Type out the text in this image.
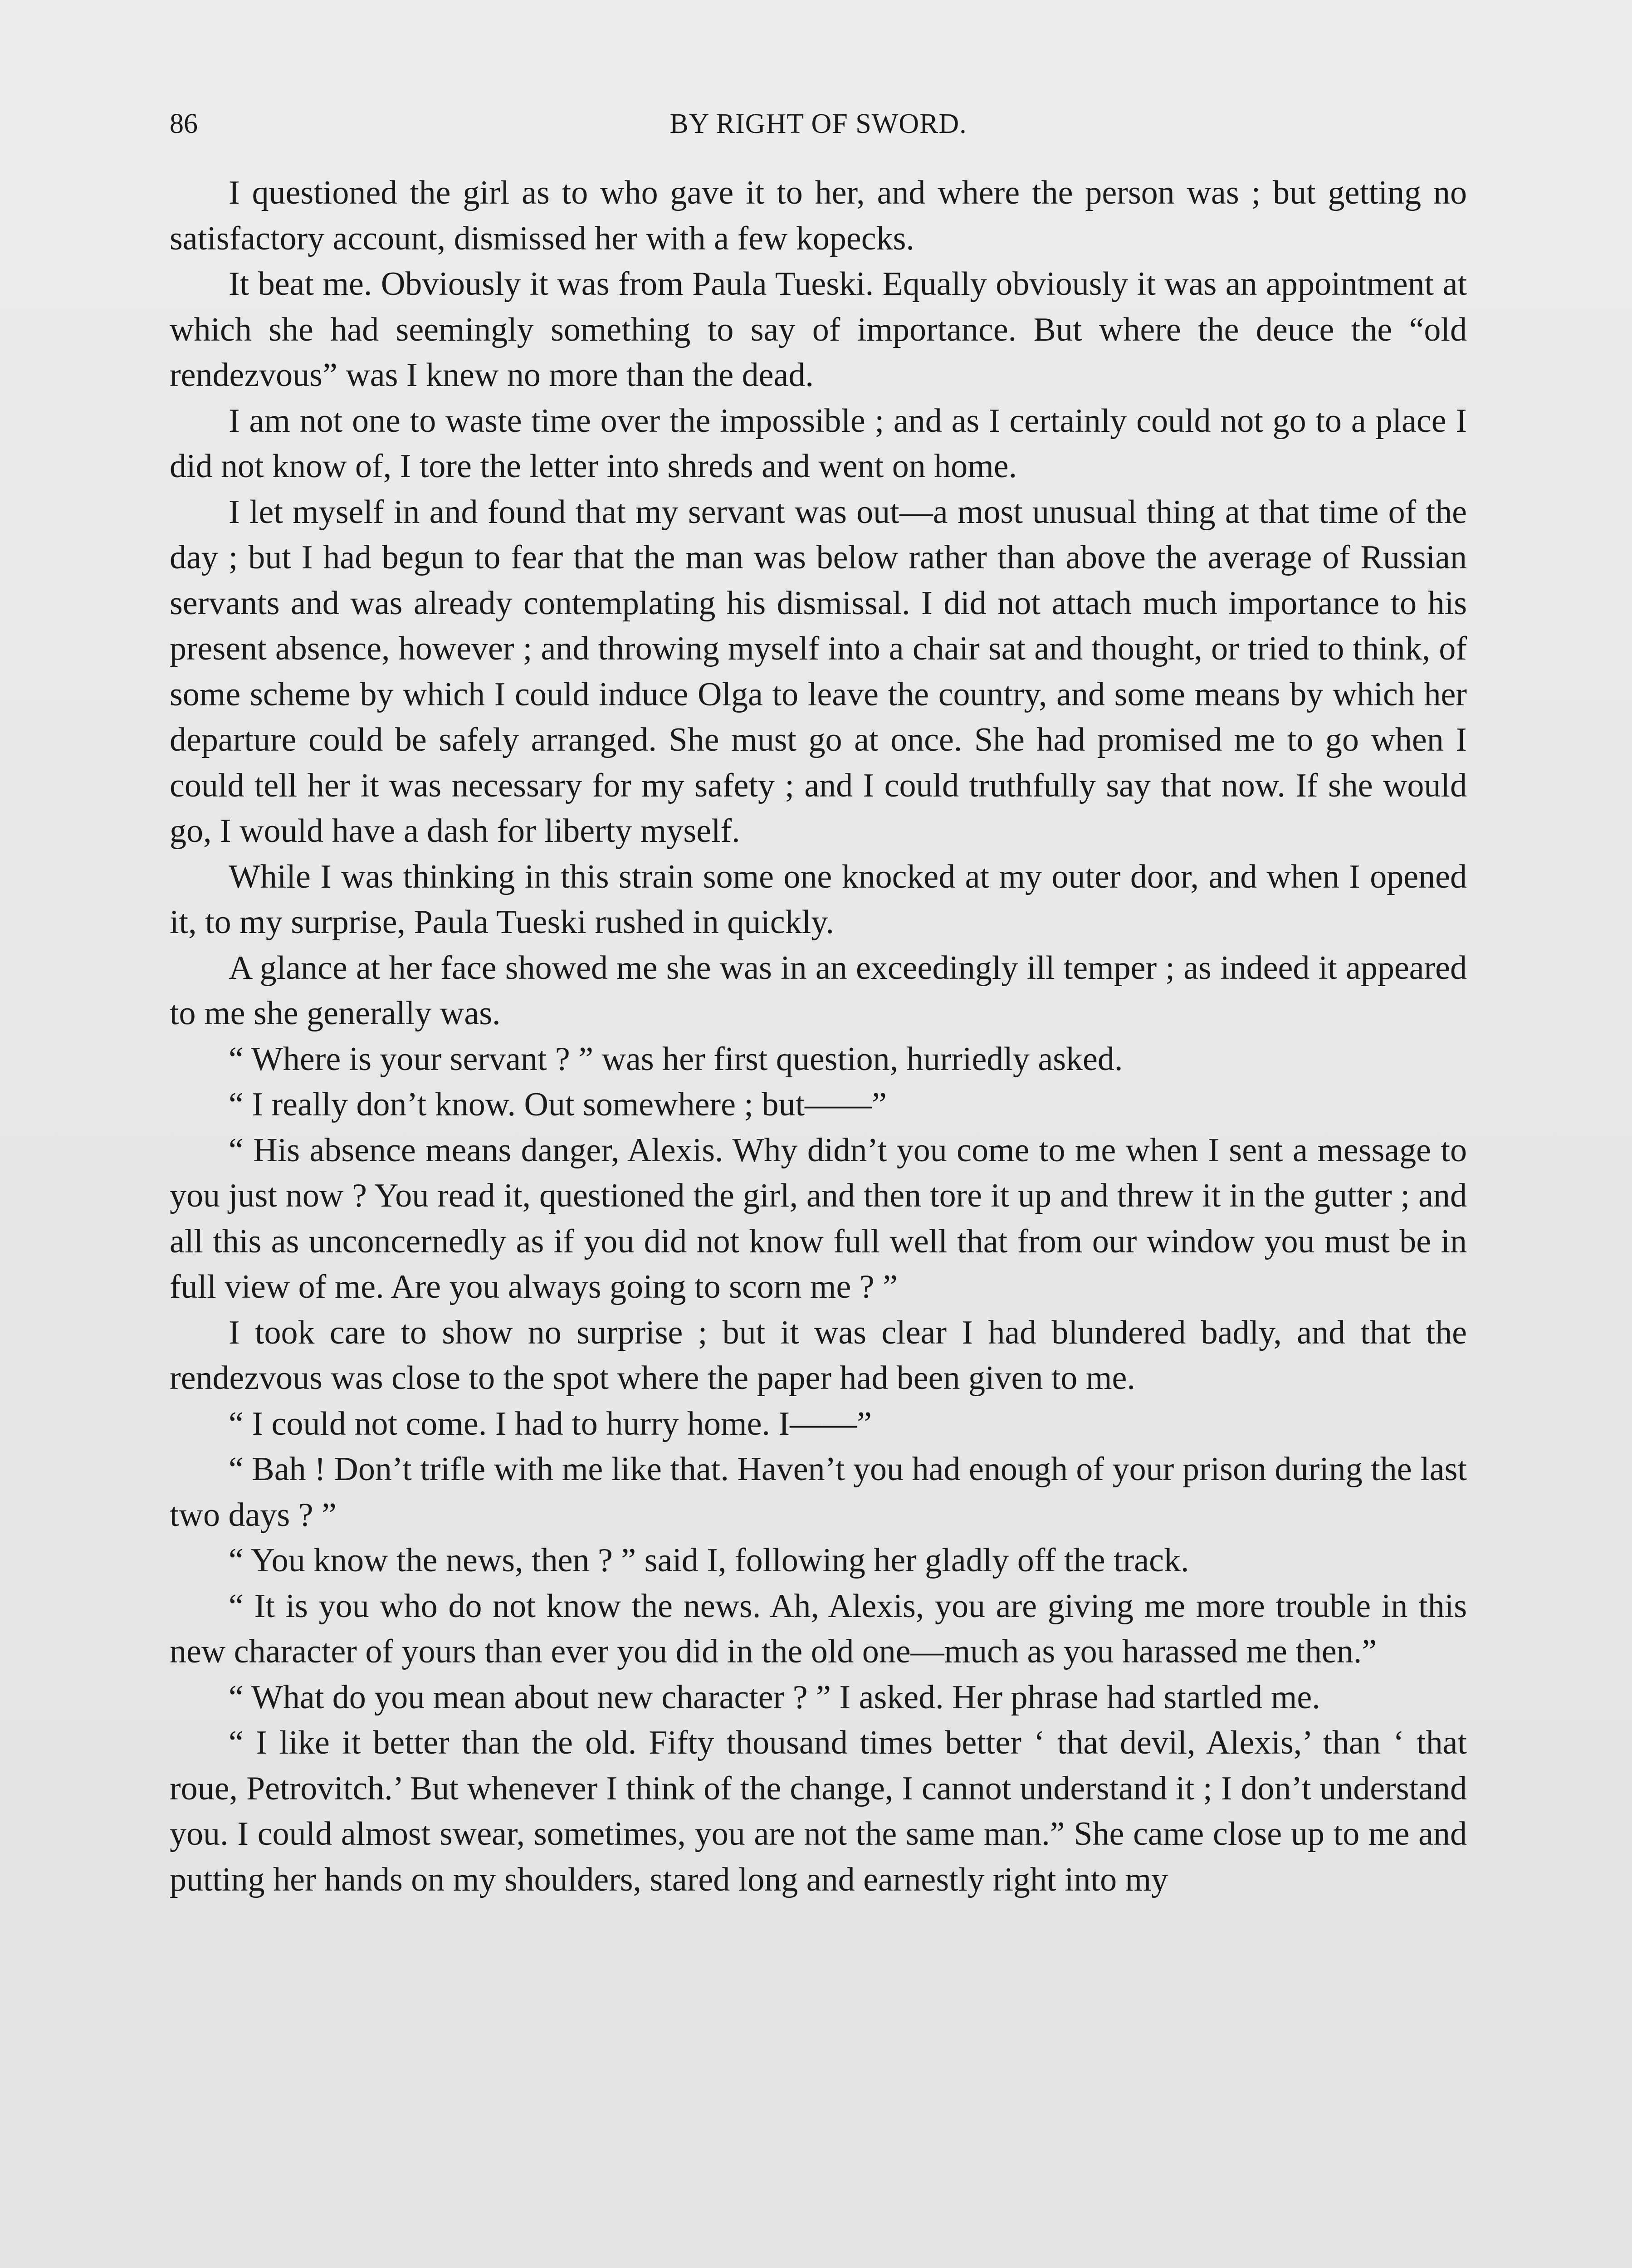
86	BY RIGHT OF SWORD.

I questioned the girl as to who gave it to her, and where the person was ; but getting no satisfactory account, dismissed her with a few kopecks.

It beat me. Obviously it was from Paula Tueski. Equally obviously it was an appointment at which she had seemingly something to say of importance. But where the deuce the “old rendezvous” was I knew no more than the dead.

I am not one to waste time over the impossible ; and as I certainly could not go to a place I did not know of, I tore the letter into shreds and went on home.

I let myself in and found that my servant was out—a most unusual thing at that time of the day ; but I had begun to fear that the man was below rather than above the average of Russian servants and was already contemplating his dismissal. I did not attach much importance to his present absence, however ; and throwing myself into a chair sat and thought, or tried to think, of some scheme by which I could induce Olga to leave the country, and some means by which her departure could be safely arranged. She must go at once. She had promised me to go when I could tell her it was necessary for my safety ; and I could truthfully say that now. If she would go, I would have a dash for liberty myself.

While I was thinking in this strain some one knocked at my outer door, and when I opened it, to my surprise, Paula Tueski rushed in quickly.

A glance at her face showed me she was in an exceedingly ill temper ; as indeed it appeared to me she generally was.

“ Where is your servant ? ” was her first question, hurriedly asked.

“ I really don’t know. Out somewhere ; but——”

“ His absence means danger, Alexis. Why didn’t you come to me when I sent a message to you just now ? You read it, questioned the girl, and then tore it up and threw it in the gutter ; and all this as unconcernedly as if you did not know full well that from our window you must be in full view of me. Are you always going to scorn me ? ”

I took care to show no surprise ; but it was clear I had blundered badly, and that the rendezvous was close to the spot where the paper had been given to me.

“ I could not come. I had to hurry home. I——”

“ Bah ! Don’t trifle with me like that. Haven’t you had enough of your prison during the last two days ? ”

“ You know the news, then ? ” said I, following her gladly off the track.

“ It is you who do not know the news. Ah, Alexis, you are giving me more trouble in this new character of yours than ever you did in the old one—much as you harassed me then.”

“ What do you mean about new character ? ” I asked. Her phrase had startled me.

“ I like it better than the old. Fifty thousand times better ‘ that devil, Alexis,’ than ‘ that roue, Petrovitch.’ But whenever I think of the change, I cannot understand it ; I don’t understand you. I could almost swear, sometimes, you are not the same man.” She came close up to me and putting her hands on my shoulders, stared long and earnestly right into my
